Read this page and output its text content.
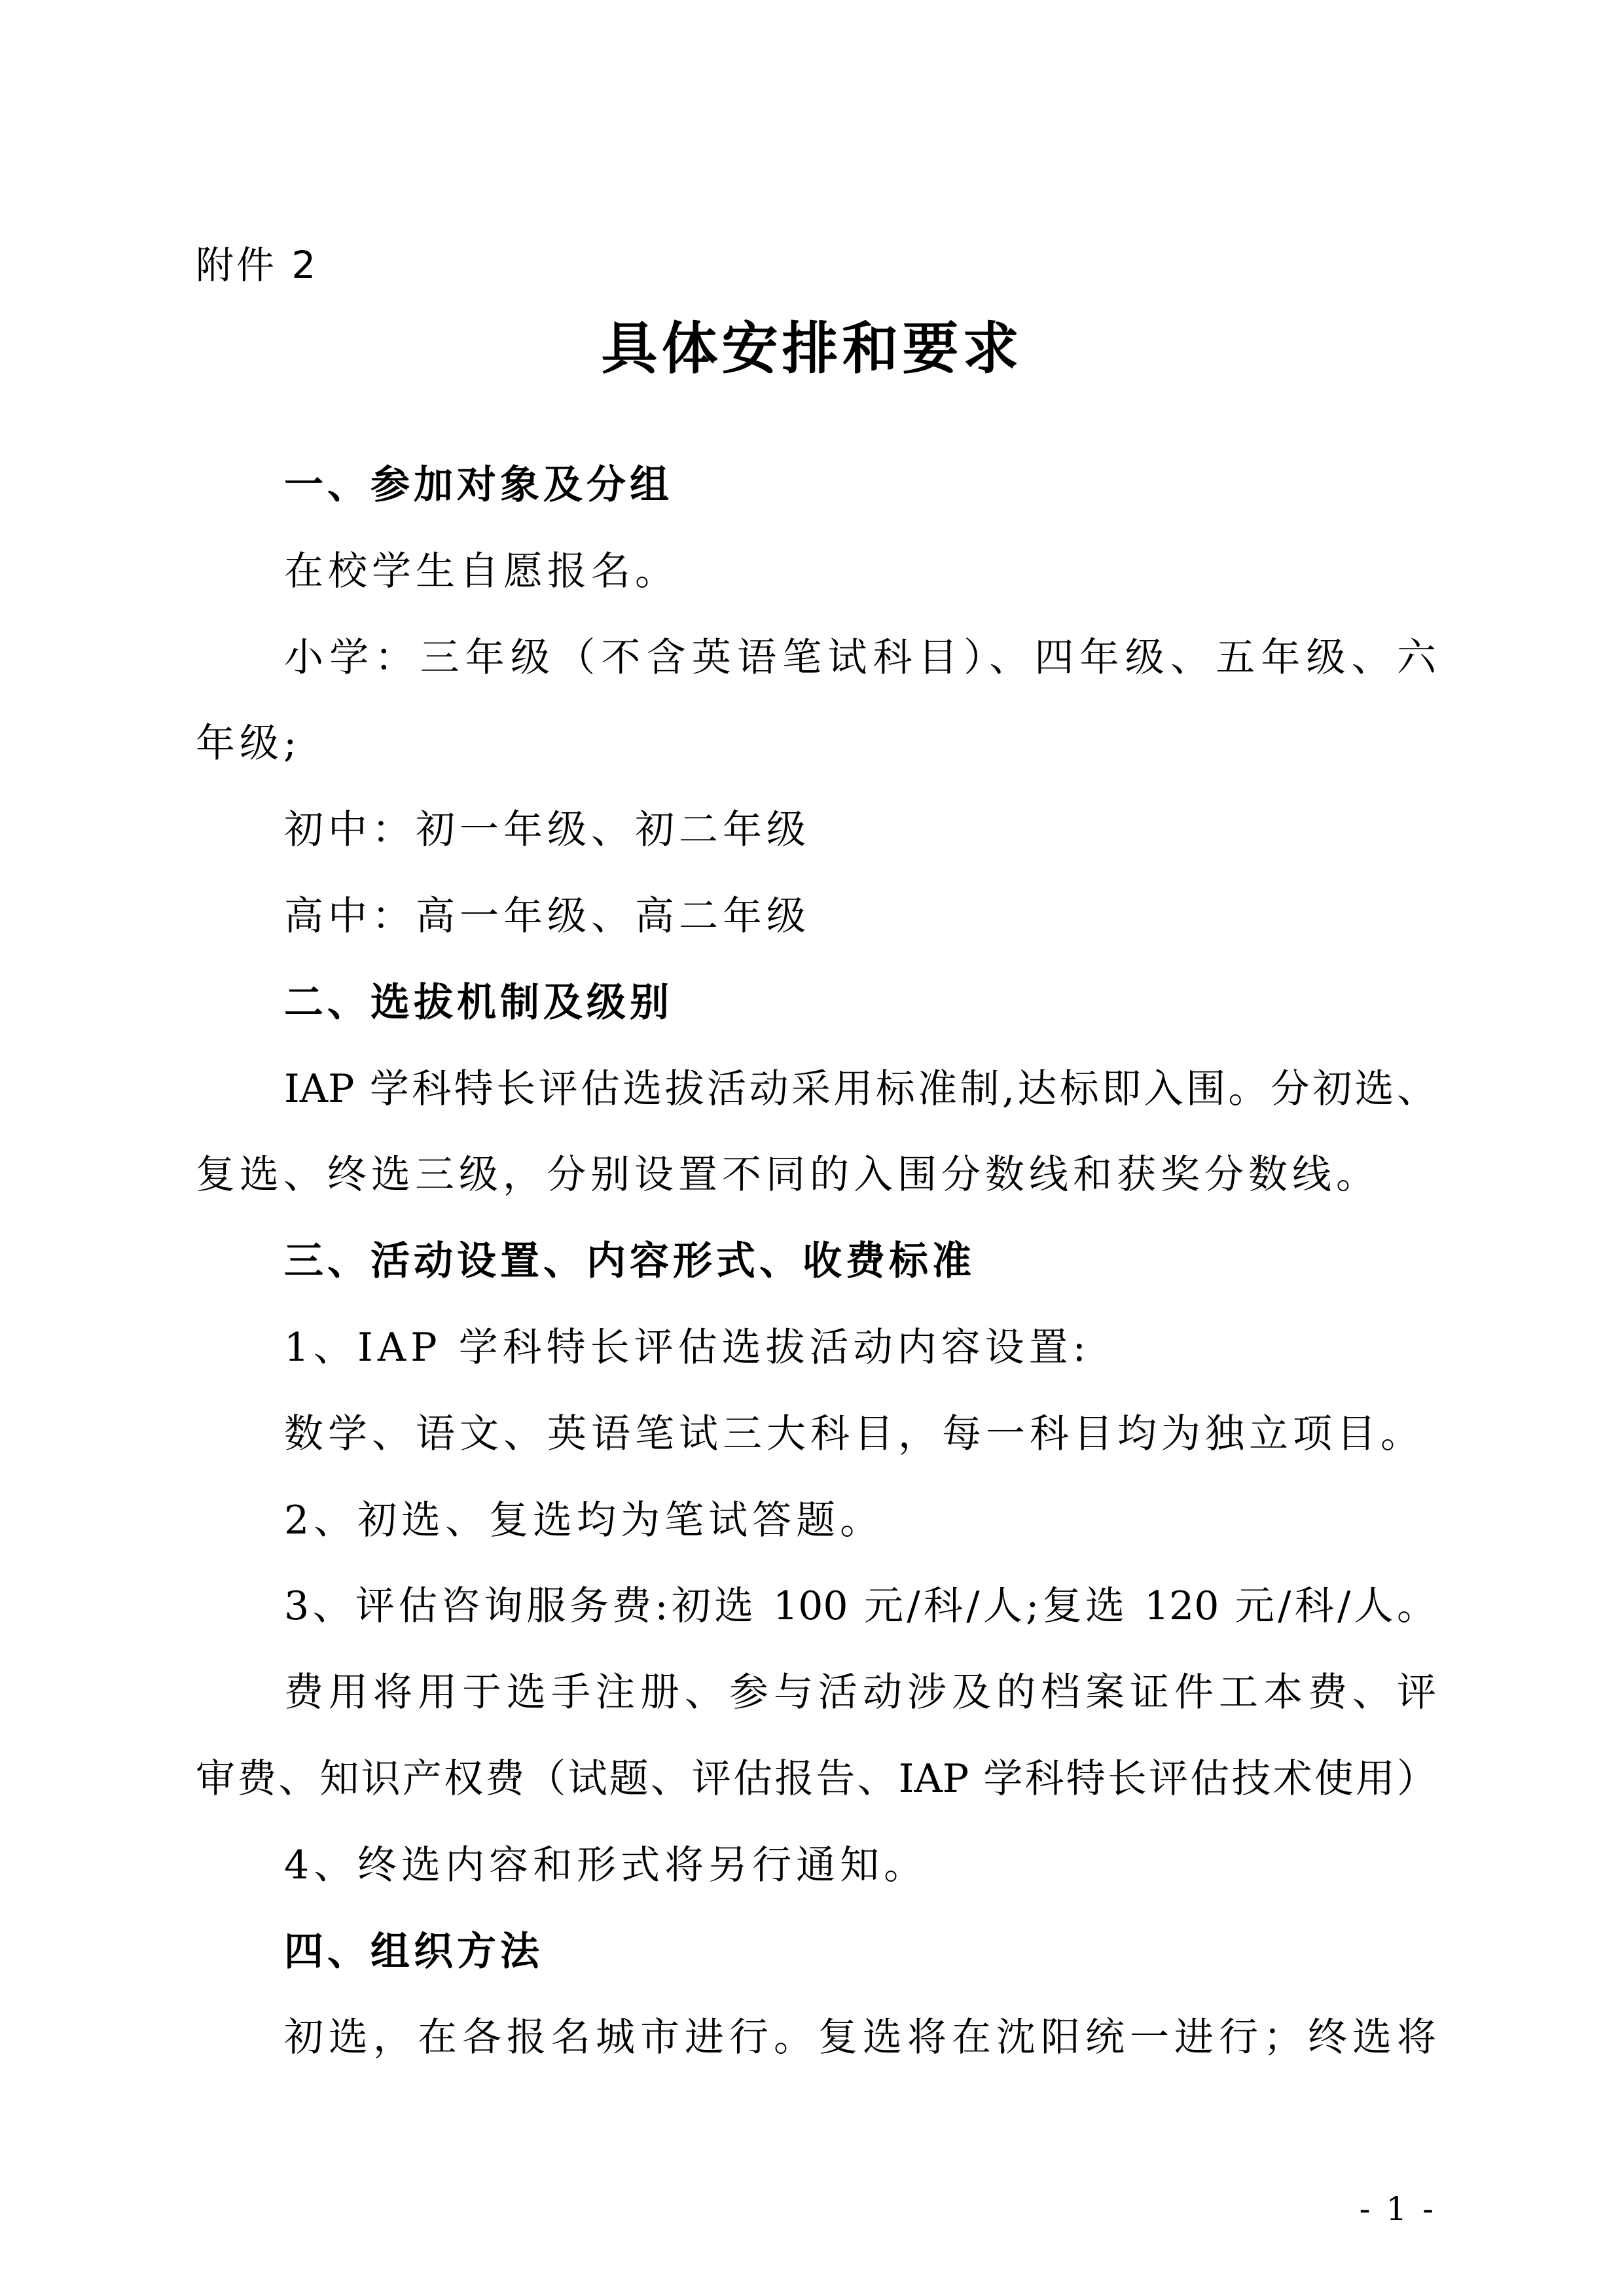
附件 2
具体安排和要求
一、参加对象及分组
在校学生自愿报名。
小学：三年级（不含英语笔试科目）、四年级、五年级、六
年级;
初中：初一年级、初二年级
高中：高一年级、高二年级
二、选拔机制及级别
IAP 学科特长评估选拔活动采用标准制,达标即入围。分初选、
复选、终选三级，分别设置不同的入围分数线和获奖分数线。
三、活动设置、内容形式、收费标准
1、IAP 学科特长评估选拔活动内容设置:
数学、语文、英语笔试三大科目，每一科目均为独立项目。
2、初选、复选均为笔试答题。
3、评估咨询服务费:初选 100 元/科/人;复选 120 元/科/人。
费用将用于选手注册、参与活动涉及的档案证件工本费、评
审费、知识产权费（试题、评估报告、IAP 学科特长评估技术使用）
4、终选内容和形式将另行通知。
四、组织方法
初选，在各报名城市进行。复选将在沈阳统一进行；终选将
- 1 -
